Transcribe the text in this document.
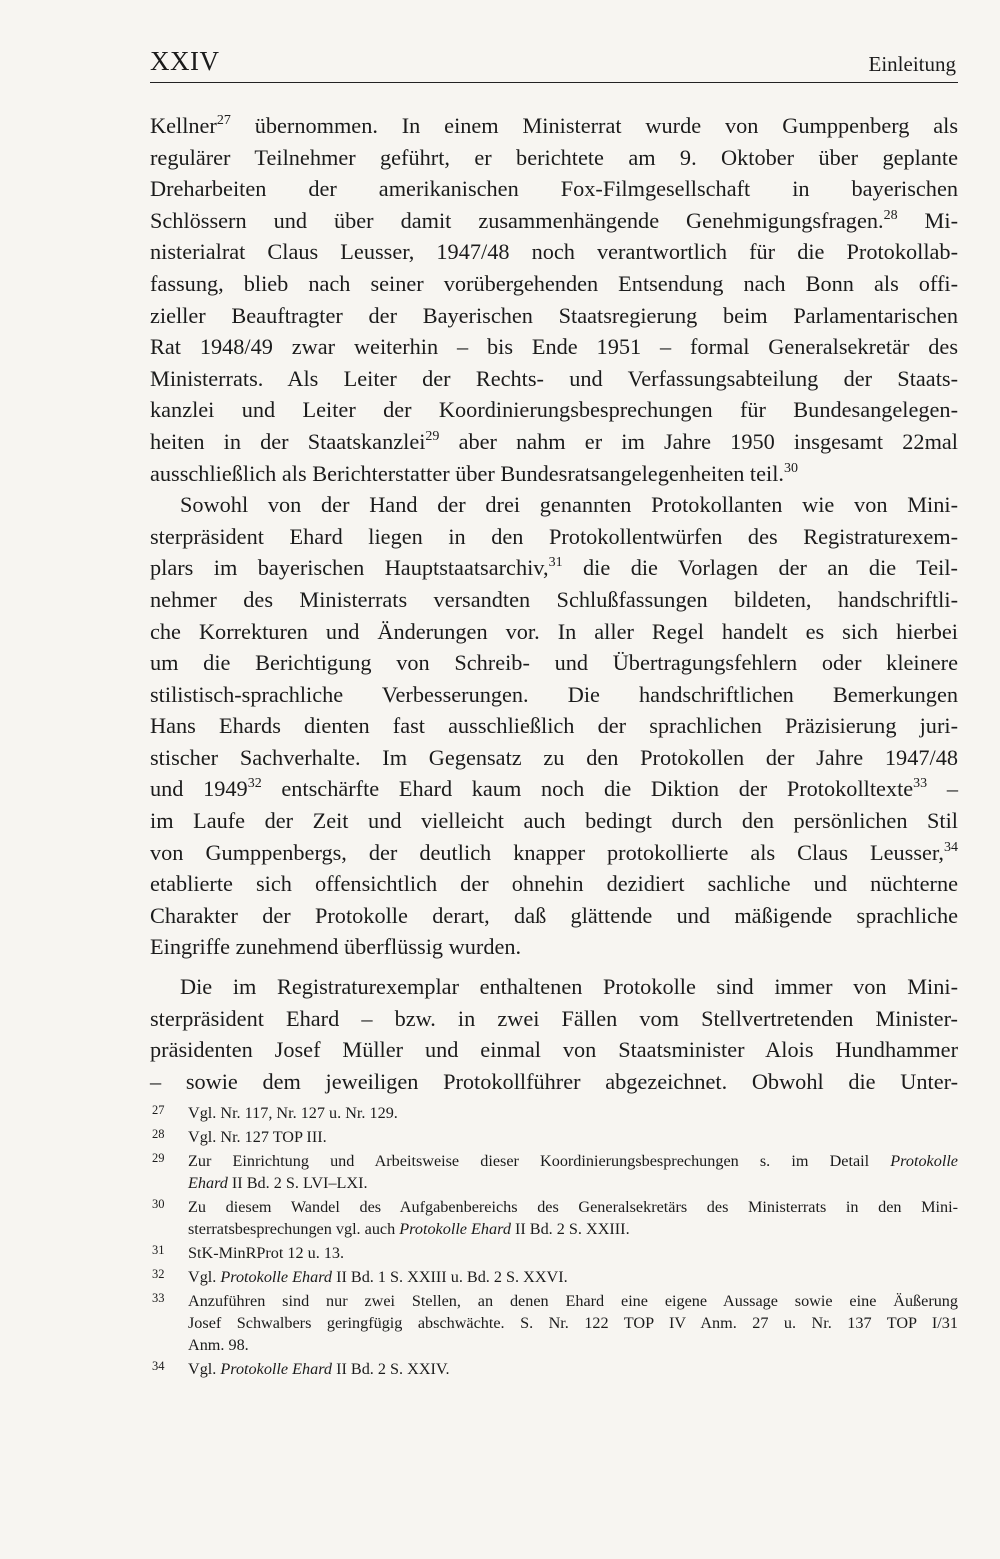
XXIV	Einleitung
Kellner$^{27}$ übernommen. In einem Ministerrat wurde von Gumppenberg als
regulärer Teilnehmer geführt, er berichtete am 9. Oktober über geplante
Dreharbeiten der amerikanischen Fox-Filmgesellschaft in bayerischen
Schlössern und über damit zusammenhängende Genehmigungsfragen.$^{28}$ Mi-
nisterialrat Claus Leusser, 1947/48 noch verantwortlich für die Protokollab-
fassung, blieb nach seiner vorübergehenden Entsendung nach Bonn als offi-
zieller Beauftragter der Bayerischen Staatsregierung beim Parlamentarischen
Rat 1948/49 zwar weiterhin – bis Ende 1951 – formal Generalsekretär des
Ministerrats. Als Leiter der Rechts- und Verfassungsabteilung der Staats-
kanzlei und Leiter der Koordinierungsbesprechungen für Bundesangelegen-
heiten in der Staatskanzlei$^{29}$ aber nahm er im Jahre 1950 insgesamt 22mal
ausschließlich als Berichterstatter über Bundesratsangelegenheiten teil.$^{30}$
Sowohl von der Hand der drei genannten Protokollanten wie von Mini-
sterpräsident Ehard liegen in den Protokollentwürfen des Registraturexem-
plars im bayerischen Hauptstaatsarchiv,$^{31}$ die die Vorlagen der an die Teil-
nehmer des Ministerrats versandten Schlußfassungen bildeten, handschriftli-
che Korrekturen und Änderungen vor. In aller Regel handelt es sich hierbei
um die Berichtigung von Schreib- und Übertragungsfehlern oder kleinere
stilistisch-sprachliche Verbesserungen. Die handschriftlichen Bemerkungen
Hans Ehards dienten fast ausschließlich der sprachlichen Präzisierung juri-
stischer Sachverhalte. Im Gegensatz zu den Protokollen der Jahre 1947/48
und 1949$^{32}$ entschärfte Ehard kaum noch die Diktion der Protokolltexte$^{33}$ –
im Laufe der Zeit und vielleicht auch bedingt durch den persönlichen Stil
von Gumppenbergs, der deutlich knapper protokollierte als Claus Leusser,$^{34}$
etablierte sich offensichtlich der ohnehin dezidiert sachliche und nüchterne
Charakter der Protokolle derart, daß glättende und mäßigende sprachliche
Eingriffe zunehmend überflüssig wurden.
Die im Registraturexemplar enthaltenen Protokolle sind immer von Mini-
sterpräsident Ehard – bzw. in zwei Fällen vom Stellvertretenden Minister-
präsidenten Josef Müller und einmal von Staatsminister Alois Hundhammer
– sowie dem jeweiligen Protokollführer abgezeichnet. Obwohl die Unter-
27 Vgl. Nr. 117, Nr. 127 u. Nr. 129.
28 Vgl. Nr. 127 TOP III.
29 Zur Einrichtung und Arbeitsweise dieser Koordinierungsbesprechungen s. im Detail Protokolle
Ehard II Bd. 2 S. LVI–LXI.
30 Zu diesem Wandel des Aufgabenbereichs des Generalsekretärs des Ministerrats in den Mini-
sterratsbesprechungen vgl. auch Protokolle Ehard II Bd. 2 S. XXIII.
31 StK-MinRProt 12 u. 13.
32 Vgl. Protokolle Ehard II Bd. 1 S. XXIII u. Bd. 2 S. XXVI.
33 Anzuführen sind nur zwei Stellen, an denen Ehard eine eigene Aussage sowie eine Äußerung
Josef Schwalbers geringfügig abschwächte. S. Nr. 122 TOP IV Anm. 27 u. Nr. 137 TOP I/31
Anm. 98.
34 Vgl. Protokolle Ehard II Bd. 2 S. XXIV.
